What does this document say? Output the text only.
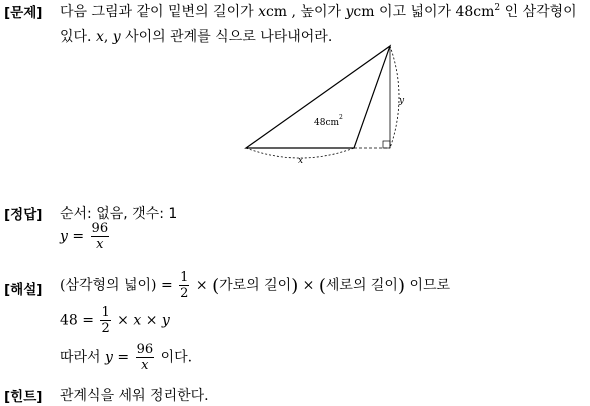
[문제]
[정답]
[해설]
[힌트]
다음 그림과 같이 밑변의 길이가 xcm , 높이가 ycm 이고 넓이가 $48cm^2$ 인 삼각형이
있다. x, y 사이의 관계를 식으로 나타내어라.
48cm
2
x
y
순서: 없음, 갯수: 1
$y = \frac{96}{x}$
(삼각형의 넓이) = $\frac{1}{2}$ × (가로의 길이) × (세로의 길이) 이므로
$48 = \frac{1}{2} \times x \times y$
따라서 $y = \frac{96}{x}$ 이다.
관계식을 세워 정리한다.
